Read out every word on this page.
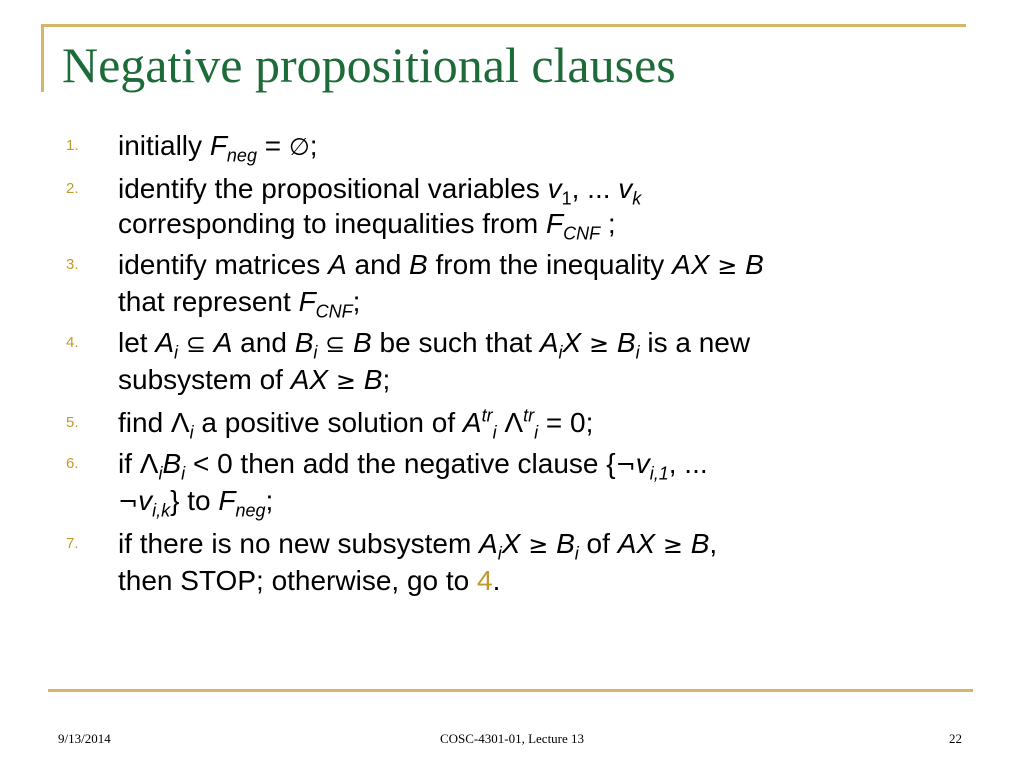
Negative propositional clauses
1. initially $F_{neg}$ = ∅;
2. identify the propositional variables $v_1$, ... $v_k$
corresponding to inequalities from $F_{CNF}$ ;
3. identify matrices A and B from the inequality AX ≥ B
that represent $F_{CNF}$;
4. let $A_i$ ⊆ A and $B_i$ ⊆ B be such that $A_iX \ge B_i$ is a new
subsystem of AX ≥ B;
5. find $\Lambda_i$ a positive solution of $A^{tr}_i$ $\Lambda^{tr}_i = 0$;
6. if $\Lambda_iB_i < 0$ then add the negative clause {$\neg v_{i,1}$, ...
$\neg v_{i,k}$} to $F_{neg}$;
7. if there is no new subsystem $A_iX \ge B_i$ of AX ≥ B,
then STOP; otherwise, go to 4.
9/13/2014	COSC-4301-01, Lecture 13	22
